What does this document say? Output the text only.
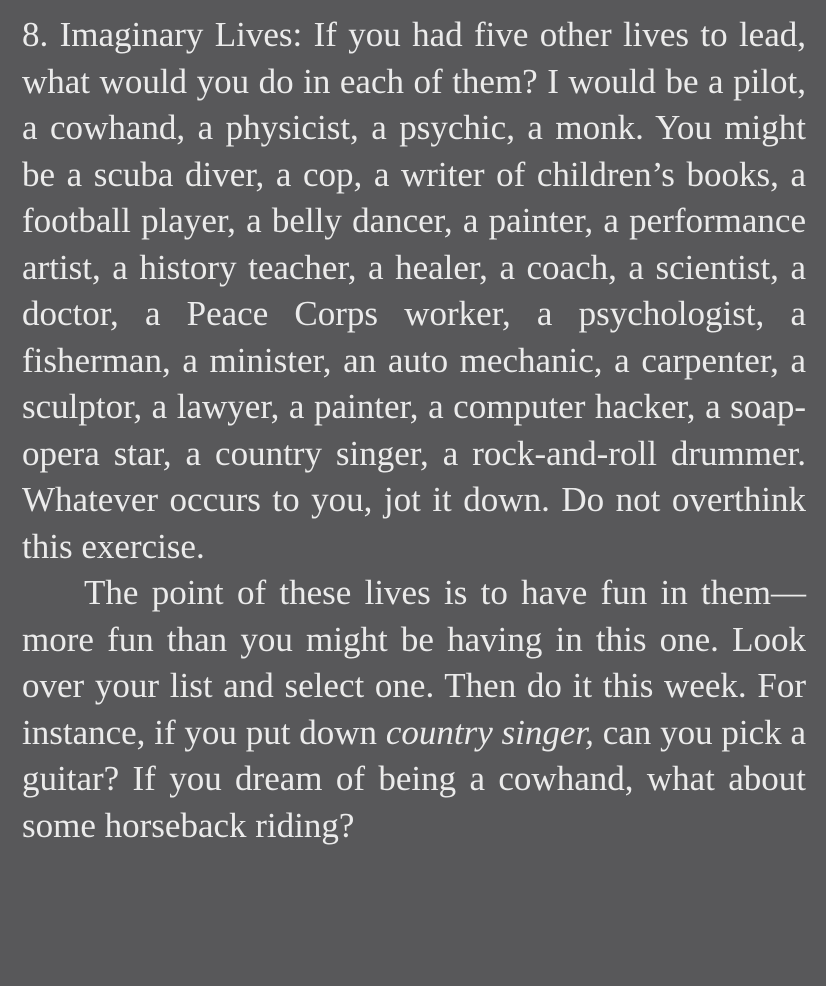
8. Imaginary Lives: If you had five other lives to lead, what would you do in each of them? I would be a pilot, a cowhand, a physicist, a psychic, a monk. You might be a scuba diver, a cop, a writer of children’s books, a football player, a belly dancer, a painter, a performance artist, a history teacher, a healer, a coach, a scientist, a doctor, a Peace Corps worker, a psychologist, a fisherman, a minister, an auto mechanic, a carpenter, a sculptor, a lawyer, a painter, a computer hacker, a soap-opera star, a country singer, a rock-and-roll drummer. Whatever occurs to you, jot it down. Do not overthink this exercise.

The point of these lives is to have fun in them—more fun than you might be having in this one. Look over your list and select one. Then do it this week. For instance, if you put down country singer, can you pick a guitar? If you dream of being a cowhand, what about some horseback riding?
